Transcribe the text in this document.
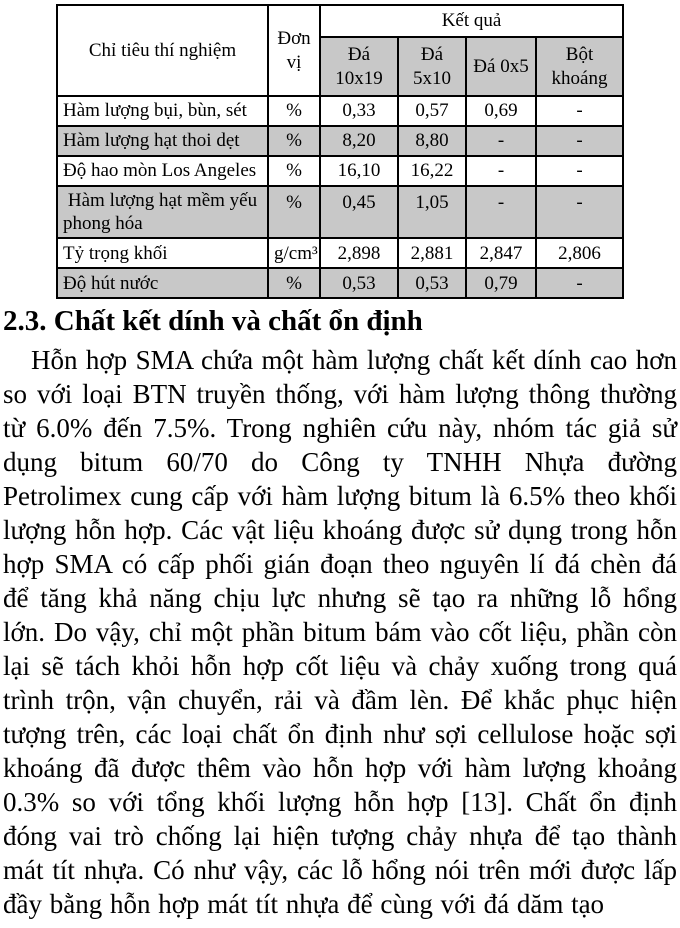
Chỉ tiêu thí nghiệm	Đơn vị	Kết quả			
		Đá 10x19	Đá 5x10	Đá 0x5	Bột khoáng
Hàm lượng bụi, bùn, sét	%	0,33	0,57	0,69	-
Hàm lượng hạt thoi dẹt	%	8,20	8,80	-	-
Độ hao mòn Los Angeles	%	16,10	16,22	-	-
Hàm lượng hạt mềm yếu phong hóa	%	0,45	1,05	-	-
Tỷ trọng khối	g/cm³	2,898	2,881	2,847	2,806
Độ hút nước	%	0,53	0,53	0,79	-
2.3. Chất kết dính và chất ổn định

Hỗn hợp SMA chứa một hàm lượng chất kết dính cao hơn so với loại BTN truyền thống, với hàm lượng thông thường từ 6.0% đến 7.5%. Trong nghiên cứu này, nhóm tác giả sử dụng bitum 60/70 do Công ty TNHH Nhựa đường Petrolimex cung cấp với hàm lượng bitum là 6.5% theo khối lượng hỗn hợp. Các vật liệu khoáng được sử dụng trong hỗn hợp SMA có cấp phối gián đoạn theo nguyên lí đá chèn đá để tăng khả năng chịu lực nhưng sẽ tạo ra những lỗ hổng lớn. Do vậy, chỉ một phần bitum bám vào cốt liệu, phần còn lại sẽ tách khỏi hỗn hợp cốt liệu và chảy xuống trong quá trình trộn, vận chuyển, rải và đầm lèn. Để khắc phục hiện tượng trên, các loại chất ổn định như sợi cellulose hoặc sợi khoáng đã được thêm vào hỗn hợp với hàm lượng khoảng 0.3% so với tổng khối lượng hỗn hợp [13]. Chất ổn định đóng vai trò chống lại hiện tượng chảy nhựa để tạo thành mát tít nhựa. Có như vậy, các lỗ hổng nói trên mới được lấp đầy bằng hỗn hợp mát tít nhựa để cùng với đá dăm tạo
